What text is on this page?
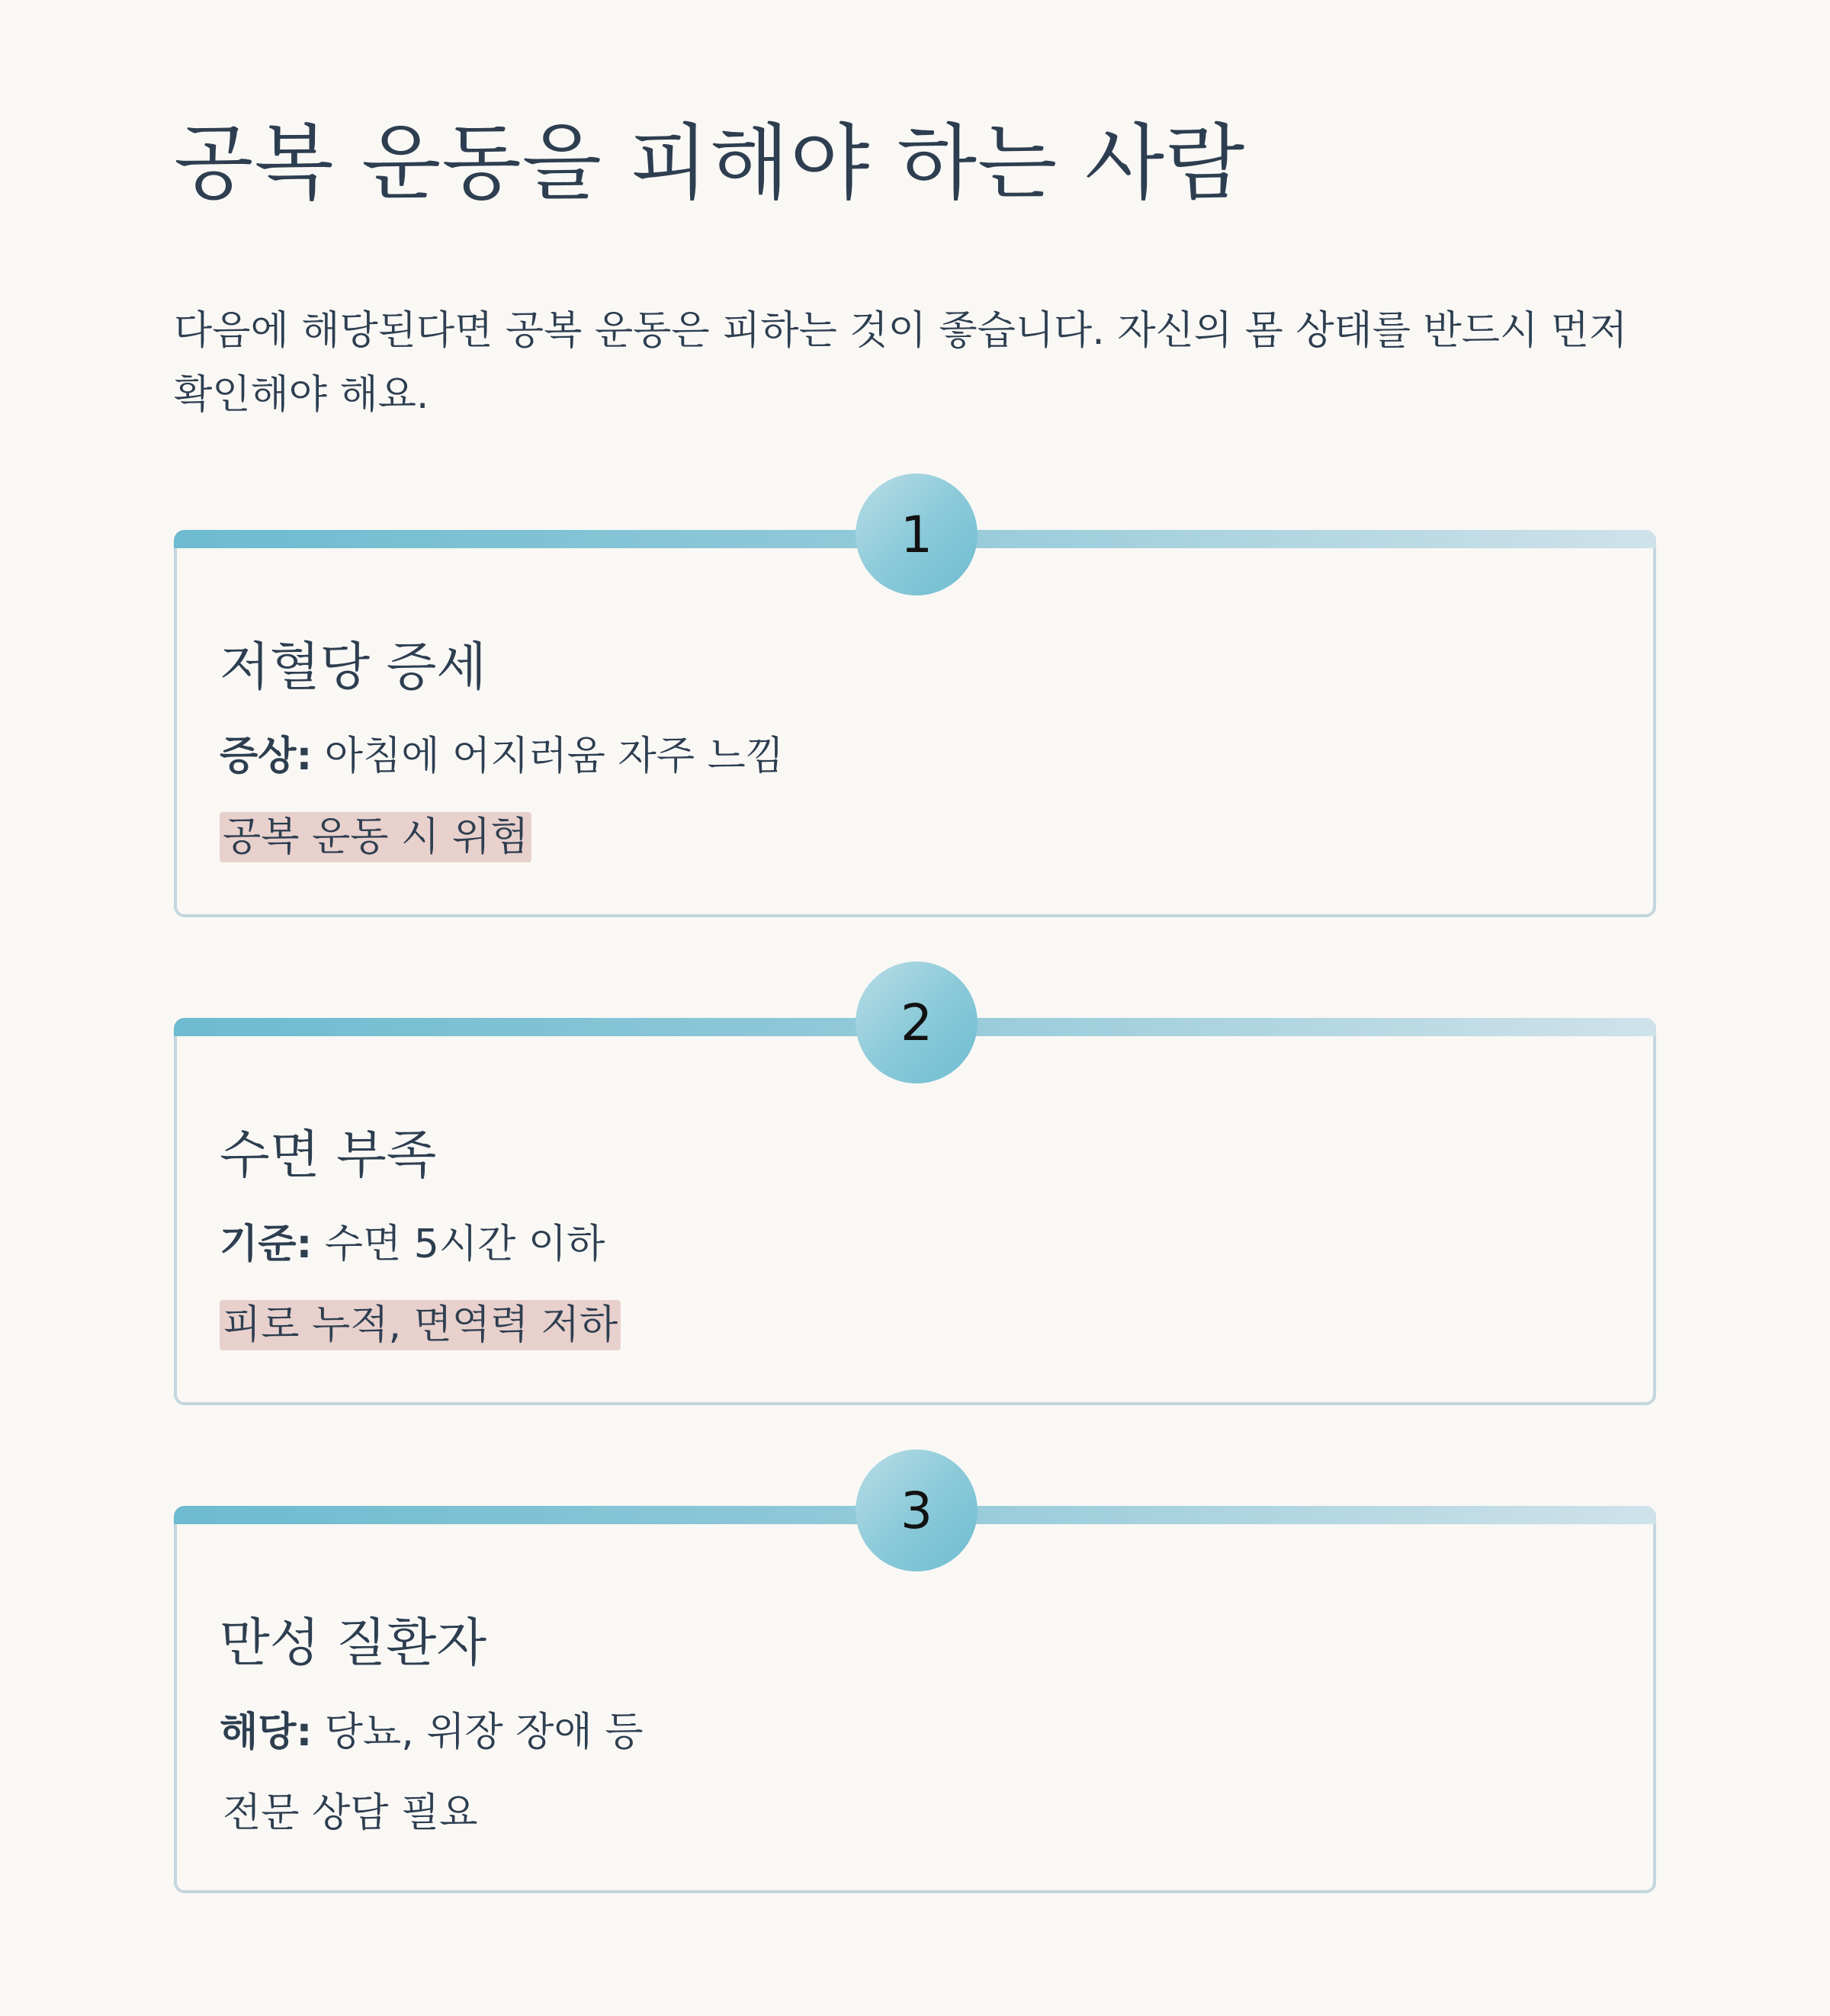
공복 운동을 피해야 하는 사람

다음에 해당된다면 공복 운동은 피하는 것이 좋습니다. 자신의 몸 상태를 반드시 먼저 확인해야 해요.

1
저혈당 증세

증상: 아침에 어지러움 자주 느낌

공복 운동 시 위험
2
수면 부족

기준: 수면 5시간 이하

피로 누적, 면역력 저하
3
만성 질환자

해당: 당뇨, 위장 장애 등

전문 상담 필요
